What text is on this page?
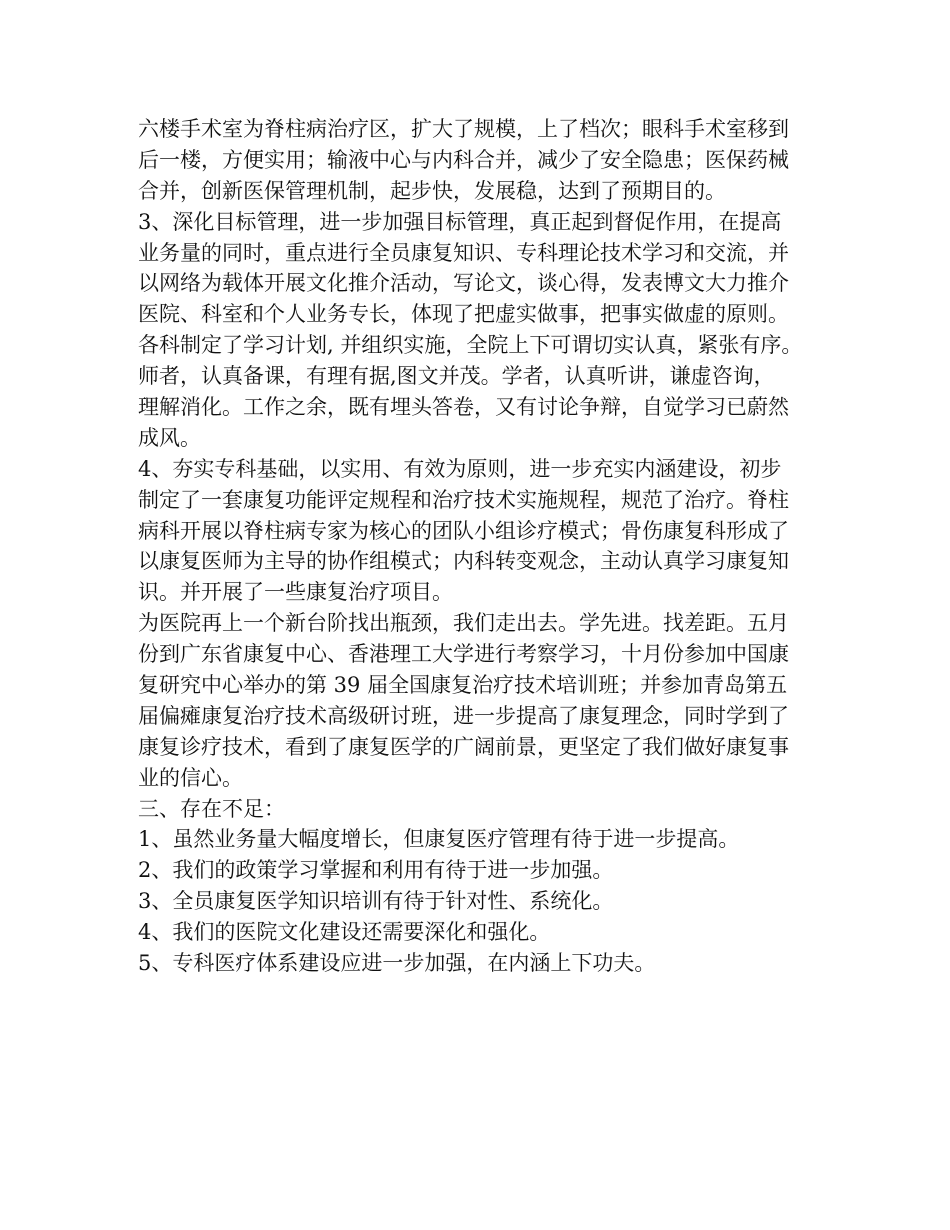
六楼手术室为脊柱病治疗区，扩大了规模，上了档次；眼科手术室移到
后一楼，方便实用；输液中心与内科合并，减少了安全隐患；医保药械
合并，创新医保管理机制，起步快，发展稳，达到了预期目的。
3、深化目标管理，进一步加强目标管理，真正起到督促作用，在提高
业务量的同时，重点进行全员康复知识、专科理论技术学习和交流，并
以网络为载体开展文化推介活动，写论文，谈心得，发表博文大力推介
医院、科室和个人业务专长，体现了把虚实做事，把事实做虚的原则。
各科制定了学习计划, 并组织实施，全院上下可谓切实认真，紧张有序。
师者，认真备课，有理有据,图文并茂。学者，认真听讲，谦虚咨询，
理解消化。工作之余，既有埋头答卷，又有讨论争辩，自觉学习已蔚然
成风。
4、夯实专科基础，以实用、有效为原则，进一步充实内涵建设，初步
制定了一套康复功能评定规程和治疗技术实施规程，规范了治疗。脊柱
病科开展以脊柱病专家为核心的团队小组诊疗模式；骨伤康复科形成了
以康复医师为主导的协作组模式；内科转变观念，主动认真学习康复知
识。并开展了一些康复治疗项目。
为医院再上一个新台阶找出瓶颈，我们走出去。学先进。找差距。五月
份到广东省康复中心、香港理工大学进行考察学习，十月份参加中国康
复研究中心举办的第 39 届全国康复治疗技术培训班；并参加青岛第五
届偏瘫康复治疗技术高级研讨班，进一步提高了康复理念，同时学到了
康复诊疗技术，看到了康复医学的广阔前景，更坚定了我们做好康复事
业的信心。
三、存在不足：
1、虽然业务量大幅度增长，但康复医疗管理有待于进一步提高。
2、我们的政策学习掌握和利用有待于进一步加强。
3、全员康复医学知识培训有待于针对性、系统化。
4、我们的医院文化建设还需要深化和强化。
5、专科医疗体系建设应进一步加强，在内涵上下功夫。
